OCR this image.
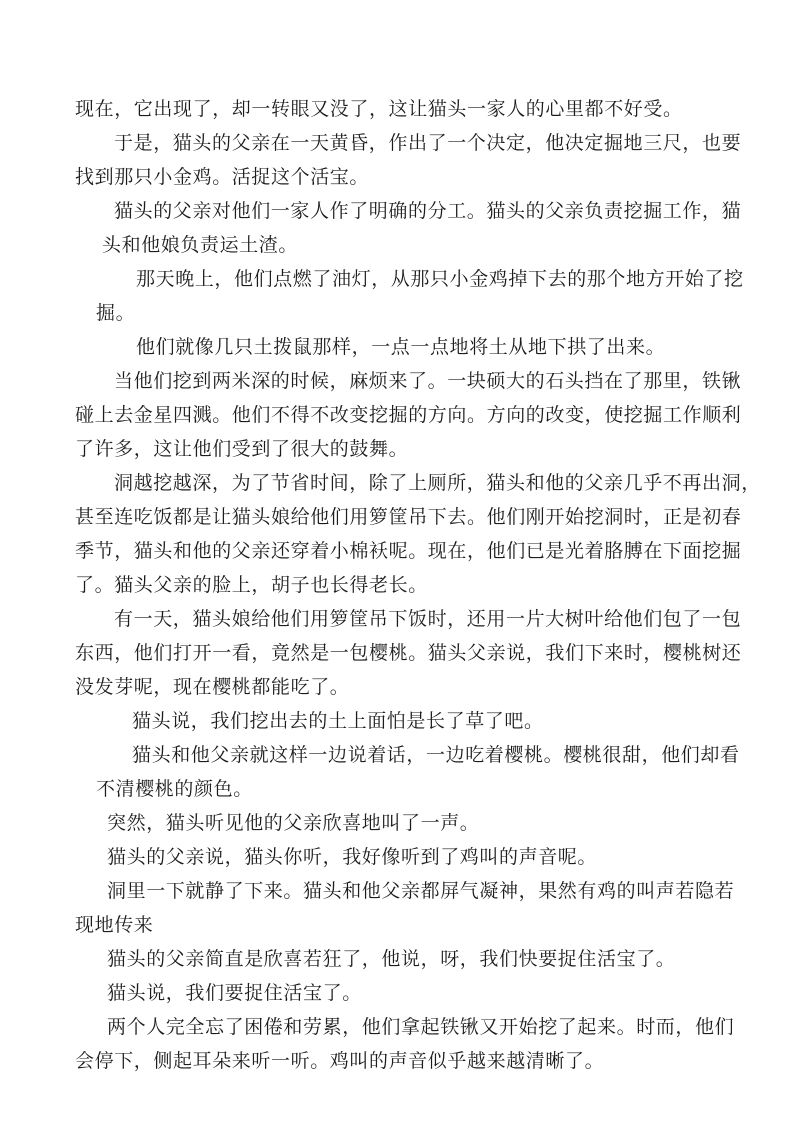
现在，它出现了，却一转眼又没了，这让猫头一家人的心里都不好受。
于是，猫头的父亲在一天黄昏，作出了一个决定，他决定掘地三尺，也要
找到那只小金鸡。活捉这个活宝。
猫头的父亲对他们一家人作了明确的分工。猫头的父亲负责挖掘工作，猫
头和他娘负责运土渣。
那天晚上，他们点燃了油灯，从那只小金鸡掉下去的那个地方开始了挖
掘。
他们就像几只土拨鼠那样，一点一点地将土从地下拱了出来。
当他们挖到两米深的时候，麻烦来了。一块硕大的石头挡在了那里，铁锹
碰上去金星四溅。他们不得不改变挖掘的方向。方向的改变，使挖掘工作顺利
了许多，这让他们受到了很大的鼓舞。
洞越挖越深，为了节省时间，除了上厕所，猫头和他的父亲几乎不再出洞，
甚至连吃饭都是让猫头娘给他们用箩筐吊下去。他们刚开始挖洞时，正是初春
季节，猫头和他的父亲还穿着小棉袄呢。现在，他们已是光着胳膊在下面挖掘
了。猫头父亲的脸上，胡子也长得老长。
有一天，猫头娘给他们用箩筐吊下饭时，还用一片大树叶给他们包了一包
东西，他们打开一看，竟然是一包樱桃。猫头父亲说，我们下来时，樱桃树还
没发芽呢，现在樱桃都能吃了。
猫头说，我们挖出去的土上面怕是长了草了吧。
猫头和他父亲就这样一边说着话，一边吃着樱桃。樱桃很甜，他们却看
不清樱桃的颜色。
突然，猫头听见他的父亲欣喜地叫了一声。
猫头的父亲说，猫头你听，我好像听到了鸡叫的声音呢。
洞里一下就静了下来。猫头和他父亲都屏气凝神，果然有鸡的叫声若隐若
现地传来
猫头的父亲简直是欣喜若狂了，他说，呀，我们快要捉住活宝了。
猫头说，我们要捉住活宝了。
两个人完全忘了困倦和劳累，他们拿起铁锹又开始挖了起来。时而，他们
会停下，侧起耳朵来听一听。鸡叫的声音似乎越来越清晰了。
